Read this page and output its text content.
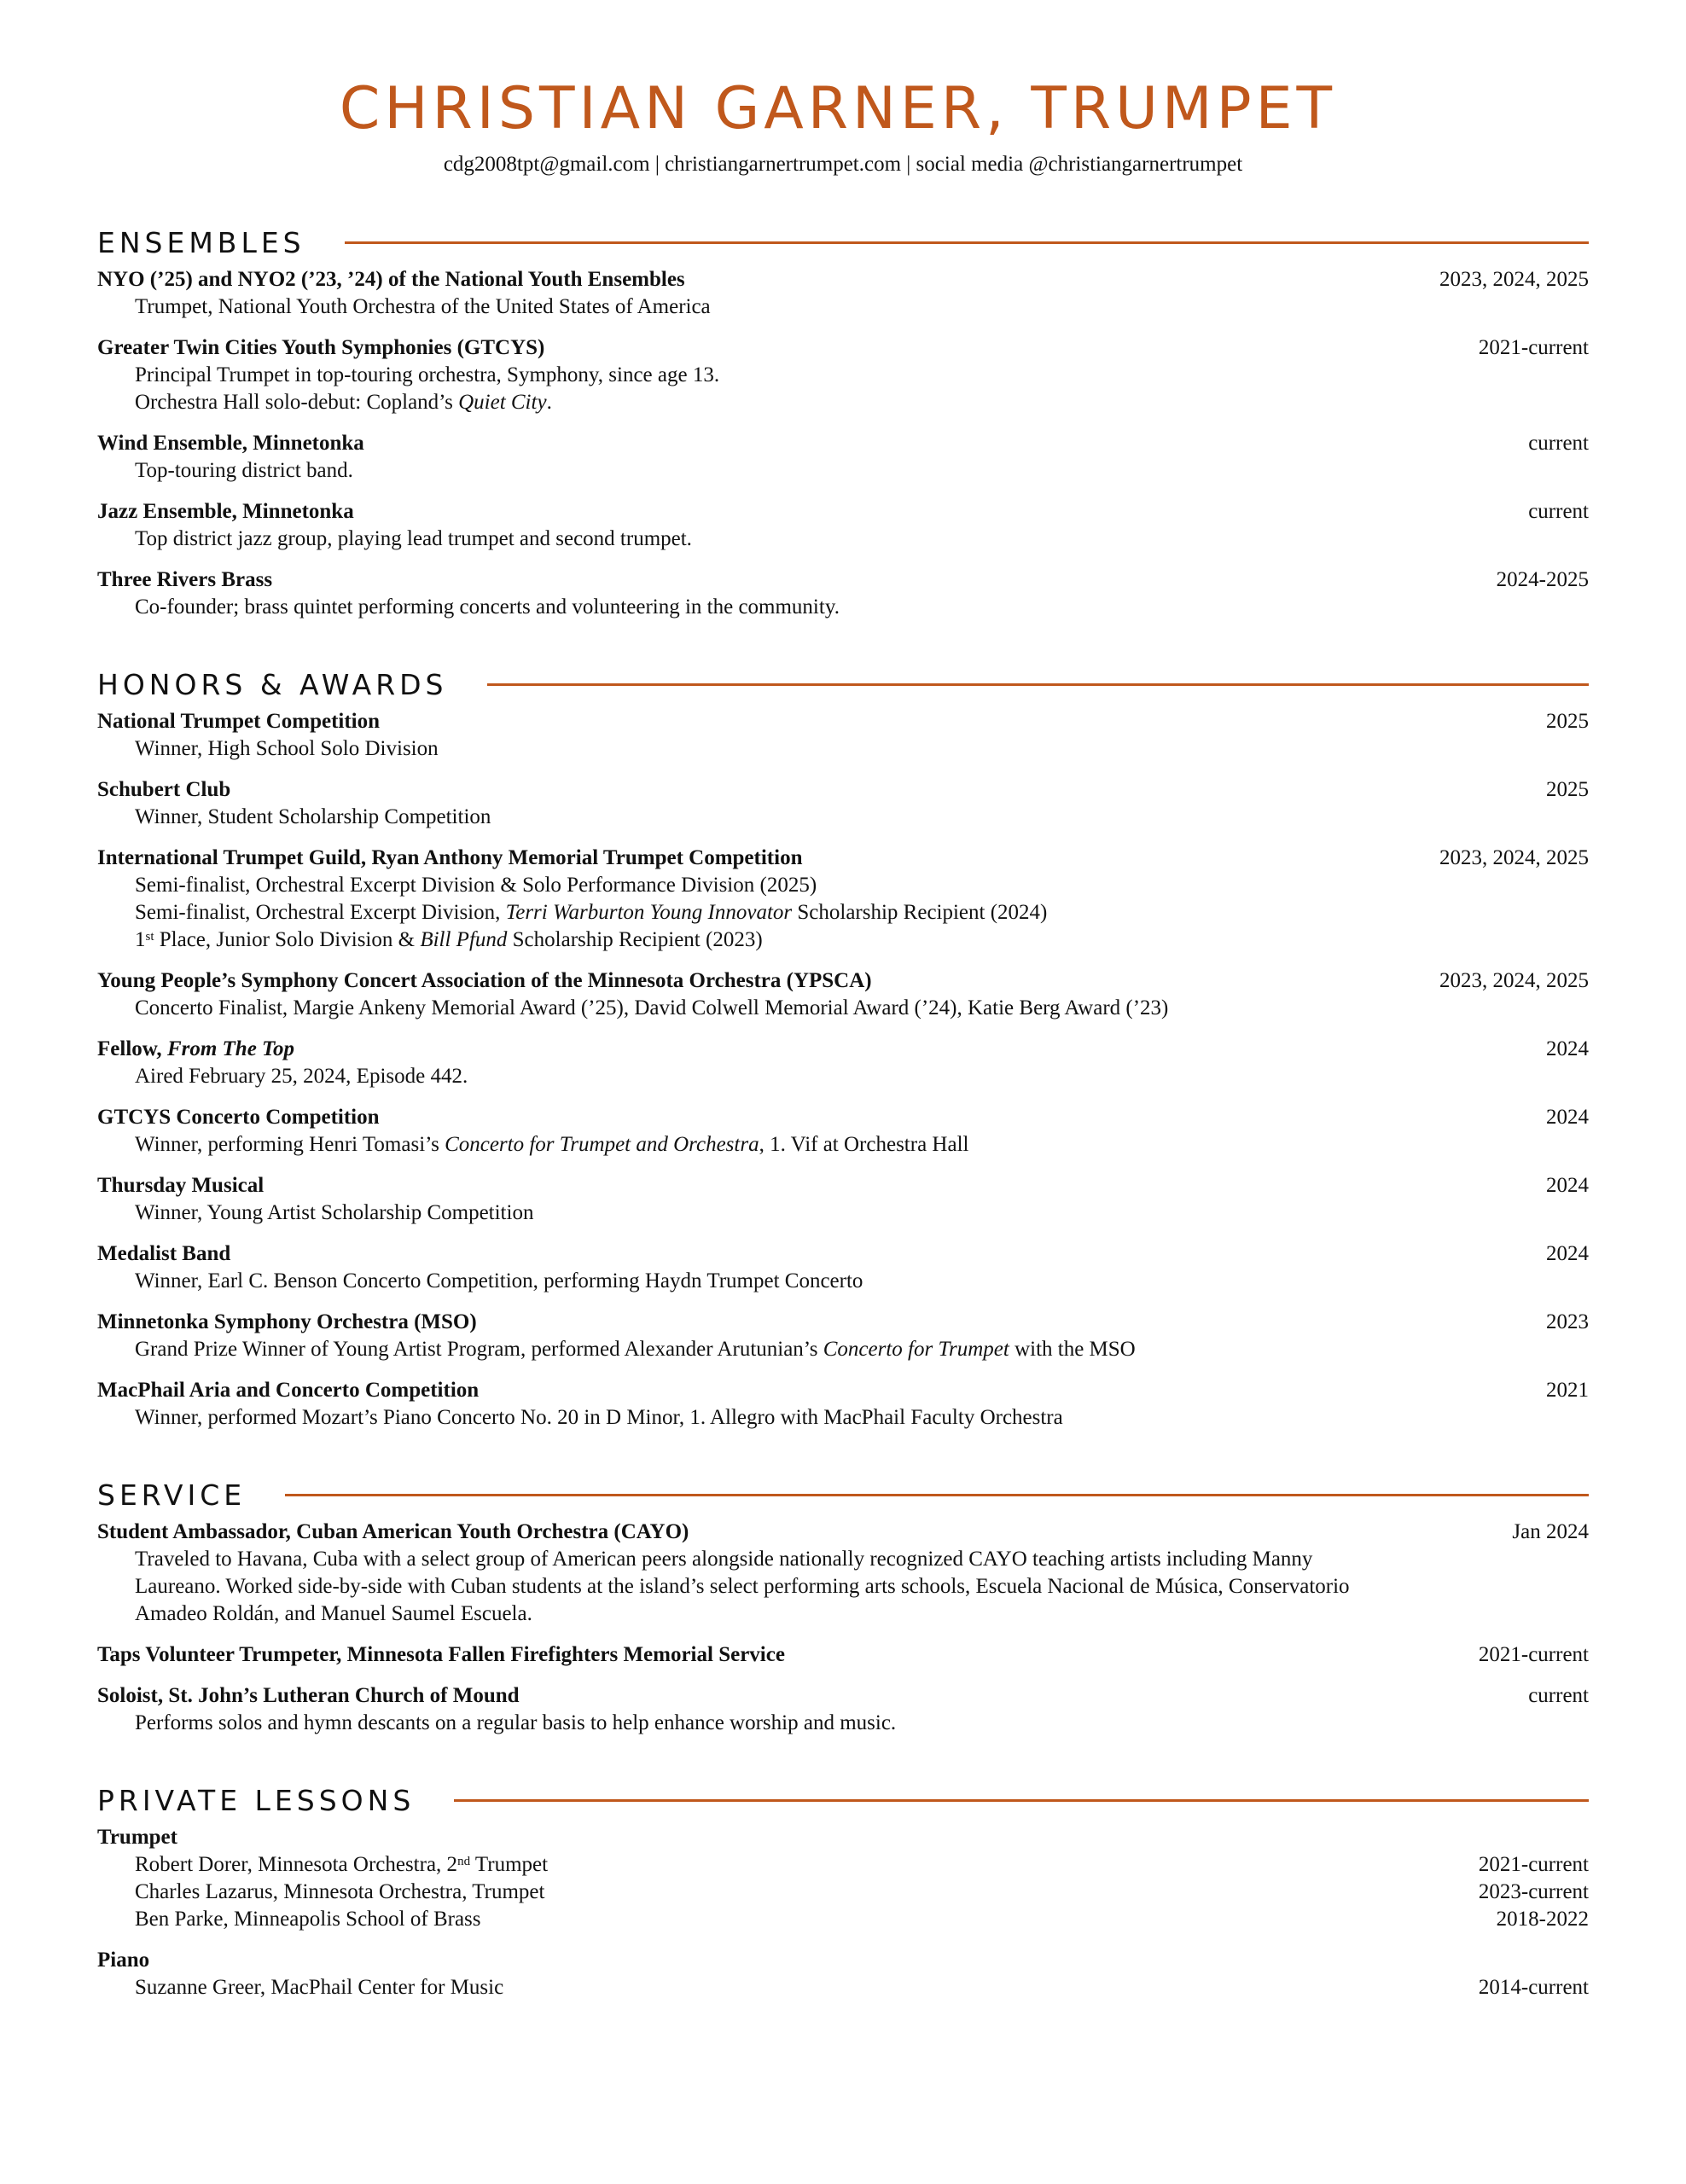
CHRISTIAN GARNER, TRUMPET
cdg2008tpt@gmail.com | christiangarnertrumpet.com | social media @christiangarnertrumpet
ENSEMBLES
NYO (’25) and NYO2 (’23, ’24) of the National Youth Ensembles	2023, 2024, 2025
Trumpet, National Youth Orchestra of the United States of America
Greater Twin Cities Youth Symphonies (GTCYS)	2021-current
Principal Trumpet in top-touring orchestra, Symphony, since age 13.
Orchestra Hall solo-debut: Copland’s Quiet City.
Wind Ensemble, Minnetonka	current
Top-touring district band.
Jazz Ensemble, Minnetonka	current
Top district jazz group, playing lead trumpet and second trumpet.
Three Rivers Brass	2024-2025
Co-founder; brass quintet performing concerts and volunteering in the community.
HONORS & AWARDS
National Trumpet Competition	2025
Winner, High School Solo Division
Schubert Club	2025
Winner, Student Scholarship Competition
International Trumpet Guild, Ryan Anthony Memorial Trumpet Competition	2023, 2024, 2025
Semi-finalist, Orchestral Excerpt Division & Solo Performance Division (2025)
Semi-finalist, Orchestral Excerpt Division, Terri Warburton Young Innovator Scholarship Recipient (2024)
1st Place, Junior Solo Division & Bill Pfund Scholarship Recipient (2023)
Young People’s Symphony Concert Association of the Minnesota Orchestra (YPSCA)	2023, 2024, 2025
Concerto Finalist, Margie Ankeny Memorial Award (’25), David Colwell Memorial Award (’24), Katie Berg Award (’23)
Fellow, From The Top	2024
Aired February 25, 2024, Episode 442.
GTCYS Concerto Competition	2024
Winner, performing Henri Tomasi’s Concerto for Trumpet and Orchestra, 1. Vif at Orchestra Hall
Thursday Musical	2024
Winner, Young Artist Scholarship Competition
Medalist Band	2024
Winner, Earl C. Benson Concerto Competition, performing Haydn Trumpet Concerto
Minnetonka Symphony Orchestra (MSO)	2023
Grand Prize Winner of Young Artist Program, performed Alexander Arutunian’s Concerto for Trumpet with the MSO
MacPhail Aria and Concerto Competition	2021
Winner, performed Mozart’s Piano Concerto No. 20 in D Minor, 1. Allegro with MacPhail Faculty Orchestra
SERVICE
Student Ambassador, Cuban American Youth Orchestra (CAYO)	Jan 2024
Traveled to Havana, Cuba with a select group of American peers alongside nationally recognized CAYO teaching artists including Manny Laureano. Worked side-by-side with Cuban students at the island’s select performing arts schools, Escuela Nacional de Música, Conservatorio Amadeo Roldán, and Manuel Saumel Escuela.
Taps Volunteer Trumpeter, Minnesota Fallen Firefighters Memorial Service	2021-current
Soloist, St. John’s Lutheran Church of Mound	current
Performs solos and hymn descants on a regular basis to help enhance worship and music.
PRIVATE LESSONS
Trumpet
Robert Dorer, Minnesota Orchestra, 2nd Trumpet	2021-current
Charles Lazarus, Minnesota Orchestra, Trumpet	2023-current
Ben Parke, Minneapolis School of Brass	2018-2022
Piano
Suzanne Greer, MacPhail Center for Music	2014-current
